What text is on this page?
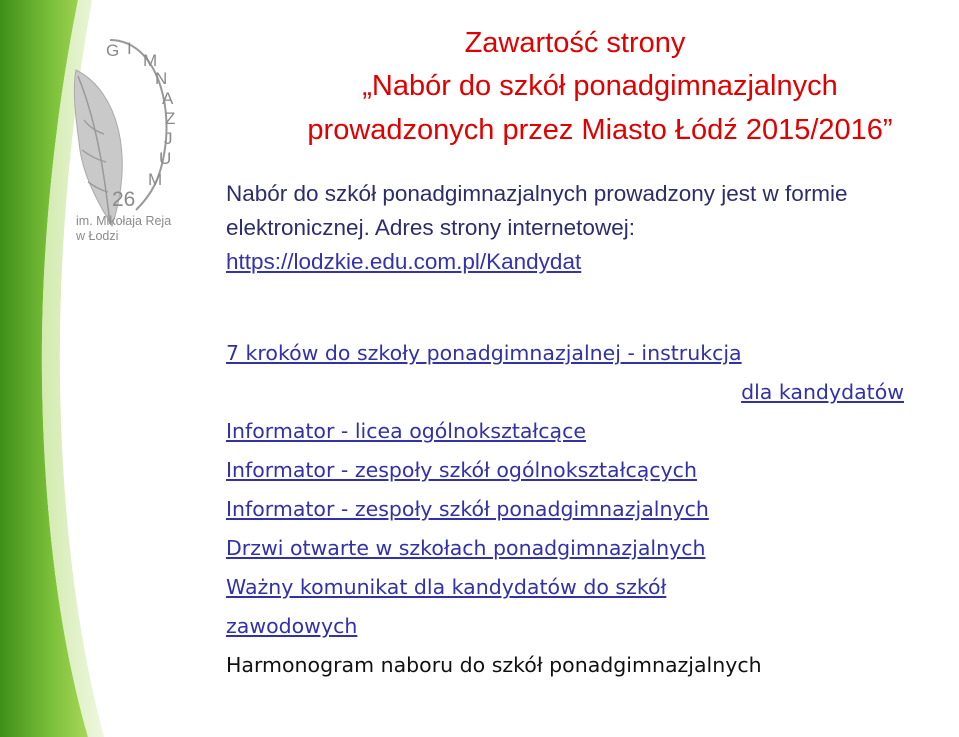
G I
M
N
A
Z
J
U
M
26
im. Mikołaja Reja
w Łodzi
Zawartość strony
„Nabór do szkół ponadgimnazjalnych
prowadzonych przez Miasto Łódź 2015/2016”
Nabór do szkół ponadgimnazjalnych prowadzony jest w formie elektronicznej. Adres strony internetowej: https://lodzkie.edu.com.pl/Kandydat
7 kroków do szkoły ponadgimnazjalnej - instrukcja
dla kandydatów
Informator - licea ogólnokształcące
Informator - zespoły szkół ogólnokształcących
Informator - zespoły szkół ponadgimnazjalnych
Drzwi otwarte w szkołach ponadgimnazjalnych
Ważny komunikat dla kandydatów do szkół
zawodowych
Harmonogram naboru do szkół ponadgimnazjalnych
